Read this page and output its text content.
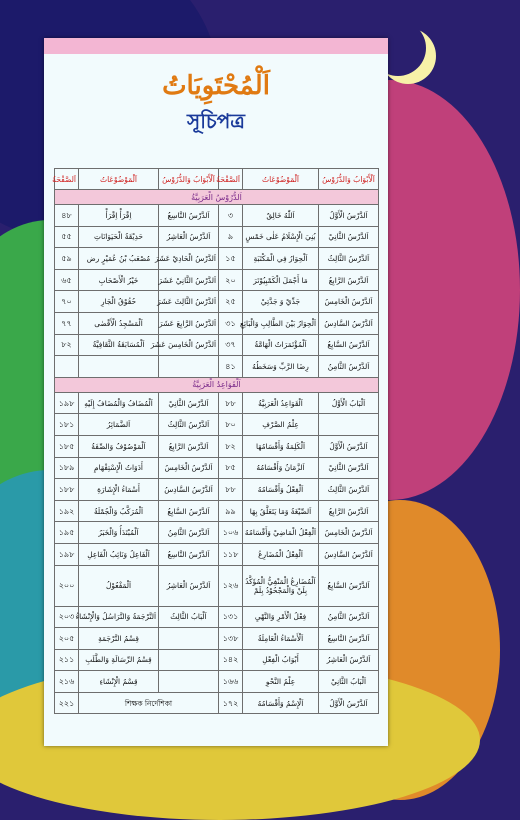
اَلْمُحْتَوِيَاتُ
সূচিপত্র
اَلْأَبْوَابُ وَالدُّرُوْسُ	اَلْمَوْضُوْعَاتُ	اَلصَّفْحَةُ	اَلْأَبْوَابُ وَالدُّرُوْسُ	اَلْمَوْضُوْعَاتُ	اَلصَّفْحَةُ
اَلدُّرُوْسُ الْعَرَبِيَّةُ					
اَلدَّرْسُ الْأَوَّلُ	اَللّٰهُ خَالِقٌ	৩	اَلدَّرْسُ التَّاسِعُ	اِقْرَأْ اِقْرَأْ	৪৮
اَلدَّرْسُ الثَّانِيْ	بُنِيَ الْإِسْلَامُ عَلٰى خَمْسٍ	৯	اَلدَّرْسُ الْعَاشِرُ	حَدِيْقَةُ الْحَيَوَانَاتِ	৫৫
اَلدَّرْسُ الثَّالِثُ	اَلْحِوَارُ فِي الْمَكْتَبَةِ	১৫	اَلدَّرْسُ الْحَادِيْ عَشَرَ	مُصْعَبُ بْنُ عُمَيْرٍ رض	৫৯
اَلدَّرْسُ الرَّابِعُ	مَا أَجْمَلَ الْكَمْبِيُوْتَرَ	২০	اَلدَّرْسُ الثَّانِيْ عَشَرَ	خَيْرُ الْأَصْحَابِ	৬৫
اَلدَّرْسُ الْخَامِسُ	جَدِّيْ وَ جَدَّتِيْ	২৫	اَلدَّرْسُ الثَّالِثَ عَشَرَ	حُقُوْقُ الْجَارِ	৭০
اَلدَّرْسُ السَّادِسُ	اَلْحِوَارُ بَيْنَ الطَّالِبِ وَالْبَائِعِ	৩১	اَلدَّرْسُ الرَّابِعَ عَشَرَ	اَلْمَسْجِدُ الْأَقْصٰى	৭৭
اَلدَّرْسُ السَّابِعُ	اَلْمُؤْتَمَرَاتُ الْهَامَّةُ	৩৭	اَلدَّرْسُ الْخَامِسَ عَشَرَ	اَلْمُسَابَقَةُ الثَّقَافِيَّةُ	৮২
اَلدَّرْسُ الثَّامِنُ	رِضَا الرَّبِّ وَسَخَطُهُ	৪১			
اَلْقَوَاعِدُ الْعَرَبِيَّةُ					
اَلْبَابُ الْأَوَّلُ	اَلْقَوَاعِدُ الْعَرَبِيَّةُ	৮৮	اَلدَّرْسُ الثَّانِيْ	اَلْمُضَافُ وَالْمُضَافُ إِلَيْهِ	১৯৮
	عِلْمُ الصَّرْفِ	৮০	اَلدَّرْسُ الثَّالِثُ	اَلضَّمَائِرُ	১৮১
اَلدَّرْسُ الْأَوَّلُ	اَلْكَلِمَةُ وَأَقْسَامُهَا	৮২	اَلدَّرْسُ الرَّابِعُ	اَلْمَوْصُوْفُ وَالصِّفَةُ	১৮৫
اَلدَّرْسُ الثَّانِيْ	اَلزَّمَانُ وَأَقْسَامُهُ	৮৫	اَلدَّرْسُ الْخَامِسُ	أَدَوَاتُ الْإِسْتِفْهَامِ	১৮৯
اَلدَّرْسُ الثَّالِثُ	اَلْفِعْلُ وَأَقْسَامُهُ	৮৮	اَلدَّرْسُ السَّادِسُ	أَسْمَاءُ الْإِشَارَةِ	১৮৮
اَلدَّرْسُ الرَّابِعُ	اَلصِّيْغَةُ وَمَا يَتَعَلَّقُ بِهَا	৯৯	اَلدَّرْسُ السَّابِعُ	اَلْمُرَكَّبُ وَالْجُمْلَةُ	১৯২
اَلدَّرْسُ الْخَامِسُ	اَلْفِعْلُ الْمَاضِيْ وَأَقْسَامُهُ	১০৬	اَلدَّرْسُ الثَّامِنُ	اَلْمُبْتَدَأُ وَالْخَبَرُ	১৯৫
اَلدَّرْسُ السَّادِسُ	اَلْفِعْلُ الْمُضَارِعُ	১১৮	اَلدَّرْسُ التَّاسِعُ	اَلْفَاعِلُ وَنَائِبُ الْفَاعِلِ	১৯৮
اَلدَّرْسُ السَّابِعُ	اَلْمُضَارِعُ الْمَنْفِيُّ الْمُؤَكَّدُ بِلَنْ وَالْمَجْحُوْدُ بِلَمْ	১২৬	اَلدَّرْسُ الْعَاشِرُ	اَلْمَفْعُوْلُ	২০০
اَلدَّرْسُ الثَّامِنُ	فِعْلُ الْأَمْرِ وَالنَّهْيِ	১৩১	اَلْبَابُ الثَّالِثُ	اَلتَّرْجَمَةُ وَالتَّرَاسُلُ وَالْإِنْشَاءُ	২০৩
اَلدَّرْسُ التَّاسِعُ	اَلْأَسْمَاءُ الْعَامِلَةُ	১৩৮		قِسْمُ التَّرْجَمَةِ	২০৫
اَلدَّرْسُ الْعَاشِرُ	أَبْوَابُ الْفِعْلِ	১৪২		قِسْمُ الرِّسَالَةِ وَالطَّلَبِ	২১১
اَلْبَابُ الثَّانِيْ	عِلْمُ النَّحْوِ	১৬৬		قِسْمُ الْإِنْشَاءِ	২১৬
اَلدَّرْسُ الْأَوَّلُ	اَلْإِسْمُ وَأَقْسَامُهُ	১৭২	শিক্ষক নির্দেশিকা		২২১
